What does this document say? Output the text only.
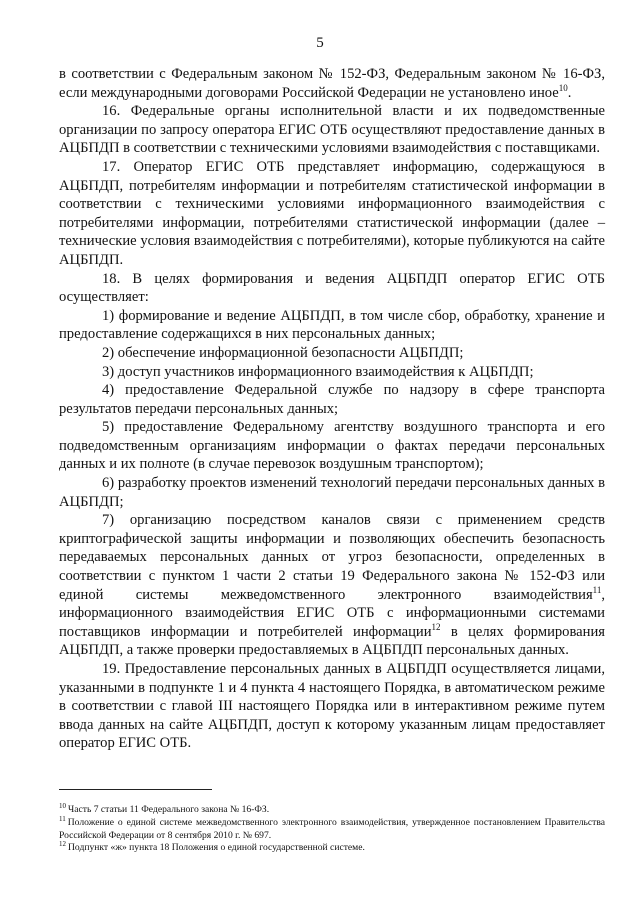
5

в соответствии с Федеральным законом № 152-ФЗ, Федеральным законом № 16-ФЗ, если международными договорами Российской Федерации не установлено иное$^{10}$.

16. Федеральные органы исполнительной власти и их подведомственные организации по запросу оператора ЕГИС ОТБ осуществляют предоставление данных в АЦБПДП в соответствии с техническими условиями взаимодействия с поставщиками.

17. Оператор ЕГИС ОТБ представляет информацию, содержащуюся в АЦБПДП, потребителям информации и потребителям статистической информации в соответствии с техническими условиями информационного взаимодействия с потребителями информации, потребителями статистической информации (далее – технические условия взаимодействия с потребителями), которые публикуются на сайте АЦБПДП.

18. В целях формирования и ведения АЦБПДП оператор ЕГИС ОТБ осуществляет:

1) формирование и ведение АЦБПДП, в том числе сбор, обработку, хранение и предоставление содержащихся в них персональных данных;

2) обеспечение информационной безопасности АЦБПДП;

3) доступ участников информационного взаимодействия к АЦБПДП;

4) предоставление Федеральной службе по надзору в сфере транспорта результатов передачи персональных данных;

5) предоставление Федеральному агентству воздушного транспорта и его подведомственным организациям информации о фактах передачи персональных данных и их полноте (в случае перевозок воздушным транспортом);

6) разработку проектов изменений технологий передачи персональных данных в АЦБПДП;

7) организацию посредством каналов связи с применением средств криптографической защиты информации и позволяющих обеспечить безопасность передаваемых персональных данных от угроз безопасности, определенных в соответствии с пунктом 1 части 2 статьи 19 Федерального закона № 152-ФЗ или единой системы межведомственного электронного взаимодействия$^{11}$, информационного взаимодействия ЕГИС ОТБ с информационными системами поставщиков информации и потребителей информации$^{12}$ в целях формирования АЦБПДП, а также проверки предоставляемых в АЦБПДП персональных данных.

19. Предоставление персональных данных в АЦБПДП осуществляется лицами, указанными в подпункте 1 и 4 пункта 4 настоящего Порядка, в автоматическом режиме в соответствии с главой III настоящего Порядка или в интерактивном режиме путем ввода данных на сайте АЦБПДП, доступ к которому указанным лицам предоставляет оператор ЕГИС ОТБ.

$^{10}$ Часть 7 статьи 11 Федерального закона № 16-ФЗ.

$^{11}$ Положение о единой системе межведомственного электронного взаимодействия, утвержденное постановлением Правительства Российской Федерации от 8 сентября 2010 г. № 697.

$^{12}$ Подпункт «ж» пункта 18 Положения о единой государственной системе.
